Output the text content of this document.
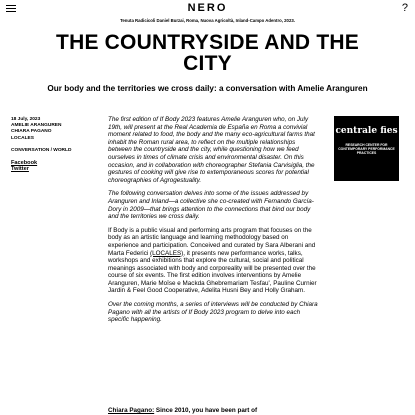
NERO	?
Tenuta Radicicoli Daniel Burzai, Roma, Nuova Agricoltà, Inland-Campo Adentro, 2023.
THE COUNTRYSIDE AND THE CITY
Our body and the territories we cross daily: a conversation with Amelie Aranguren
18 July, 2023
AMELIE ARANGUREN
CHIARA PAGANO
LOCALES
CONVERSATION / WORLD
Facebook
Twitter

The first edition of If Body 2023 features Amelie Aranguren who, on July 19th, will present at the Real Academia de España en Roma a convivial moment related to food, the body and the many eco-agricultural farms that inhabit the Roman rural area, to reflect on the multiple relationships between the countryside and the city, while questioning how we feed ourselves in times of climate crisis and environmental disaster. On this occasion, and in collaboration with choreographer Stefania Carvisiglia, the gestures of cooking will give rise to extemporaneous scores for potential choreographies of Agrogestuality.

The following conversation delves into some of the issues addressed by Aranguren and Inland—a collective she co-created with Fernando García-Dory in 2009—that brings attention to the connections that bind our body and the territories we cross daily.

If Body is a public visual and performing arts program that focuses on the body as an artistic language and learning methodology based on experience and participation. Conceived and curated by Sara Alberani and Marta Federici (LOCALES), it presents new performance works, talks, workshops and exhibitions that explore the cultural, social and political meanings associated with body and corporeality will be presented over the course of six events. The first edition involves interventions by Amelie Aranguren, Marie Moïse e Mackda Ghebremariam Tesfau', Pauline Curnier Jardin & Feel Good Cooperative, Adelita Husni Bey and Holly Graham.

Over the coming months, a series of interviews will be conducted by Chiara Pagano with all the artists of If Body 2023 program to delve into each specific happening.

Chiara Pagano: Since 2010, you have been part of
centrale fies
RESEARCH CENTER FOR CONTEMPORARY PERFORMANCE PRACTICES
